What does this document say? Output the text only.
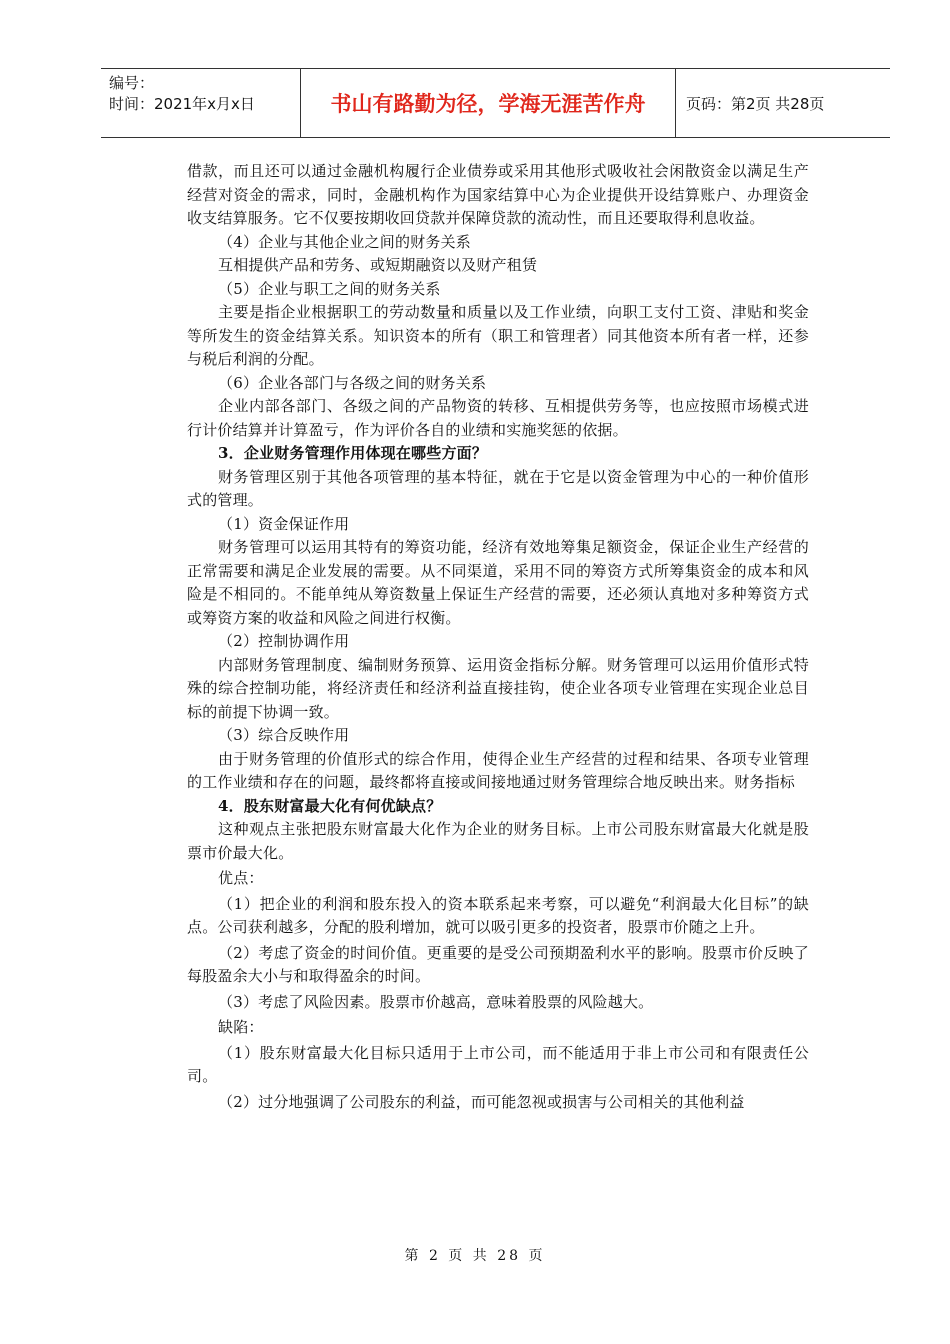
编号：
时间：2021年x月x日	书山有路勤为径，学海无涯苦作舟	页码：第2页 共28页

借款，而且还可以通过金融机构履行企业债券或采用其他形式吸收社会闲散资金以满足生产经营对资金的需求，同时，金融机构作为国家结算中心为企业提供开设结算账户、办理资金收支结算服务。它不仅要按期收回贷款并保障贷款的流动性，而且还要取得利息收益。

（4）企业与其他企业之间的财务关系

互相提供产品和劳务、或短期融资以及财产租赁

（5）企业与职工之间的财务关系

主要是指企业根据职工的劳动数量和质量以及工作业绩，向职工支付工资、津贴和奖金等所发生的资金结算关系。知识资本的所有（职工和管理者）同其他资本所有者一样，还参与税后利润的分配。

（6）企业各部门与各级之间的财务关系

企业内部各部门、各级之间的产品物资的转移、互相提供劳务等，也应按照市场模式进行计价结算并计算盈亏，作为评价各自的业绩和实施奖惩的依据。

3．企业财务管理作用体现在哪些方面？

财务管理区别于其他各项管理的基本特征，就在于它是以资金管理为中心的一种价值形式的管理。

（1）资金保证作用

财务管理可以运用其特有的筹资功能，经济有效地筹集足额资金，保证企业生产经营的正常需要和满足企业发展的需要。从不同渠道，采用不同的筹资方式所筹集资金的成本和风险是不相同的。不能单纯从筹资数量上保证生产经营的需要，还必须认真地对多种筹资方式或筹资方案的收益和风险之间进行权衡。

（2）控制协调作用

内部财务管理制度、编制财务预算、运用资金指标分解。财务管理可以运用价值形式特殊的综合控制功能，将经济责任和经济利益直接挂钩，使企业各项专业管理在实现企业总目标的前提下协调一致。

（3）综合反映作用

由于财务管理的价值形式的综合作用，使得企业生产经营的过程和结果、各项专业管理的工作业绩和存在的问题，最终都将直接或间接地通过财务管理综合地反映出来。财务指标

4．股东财富最大化有何优缺点？

这种观点主张把股东财富最大化作为企业的财务目标。上市公司股东财富最大化就是股票市价最大化。

优点：

（1）把企业的利润和股东投入的资本联系起来考察，可以避免“利润最大化目标”的缺点。公司获利越多，分配的股利增加，就可以吸引更多的投资者，股票市价随之上升。

（2）考虑了资金的时间价值。更重要的是受公司预期盈利水平的影响。股票市价反映了每股盈余大小与和取得盈余的时间。

（3）考虑了风险因素。股票市价越高，意味着股票的风险越大。

缺陷：

（1）股东财富最大化目标只适用于上市公司，而不能适用于非上市公司和有限责任公司。

（2）过分地强调了公司股东的利益，而可能忽视或损害与公司相关的其他利益

第 2 页 共 28 页
